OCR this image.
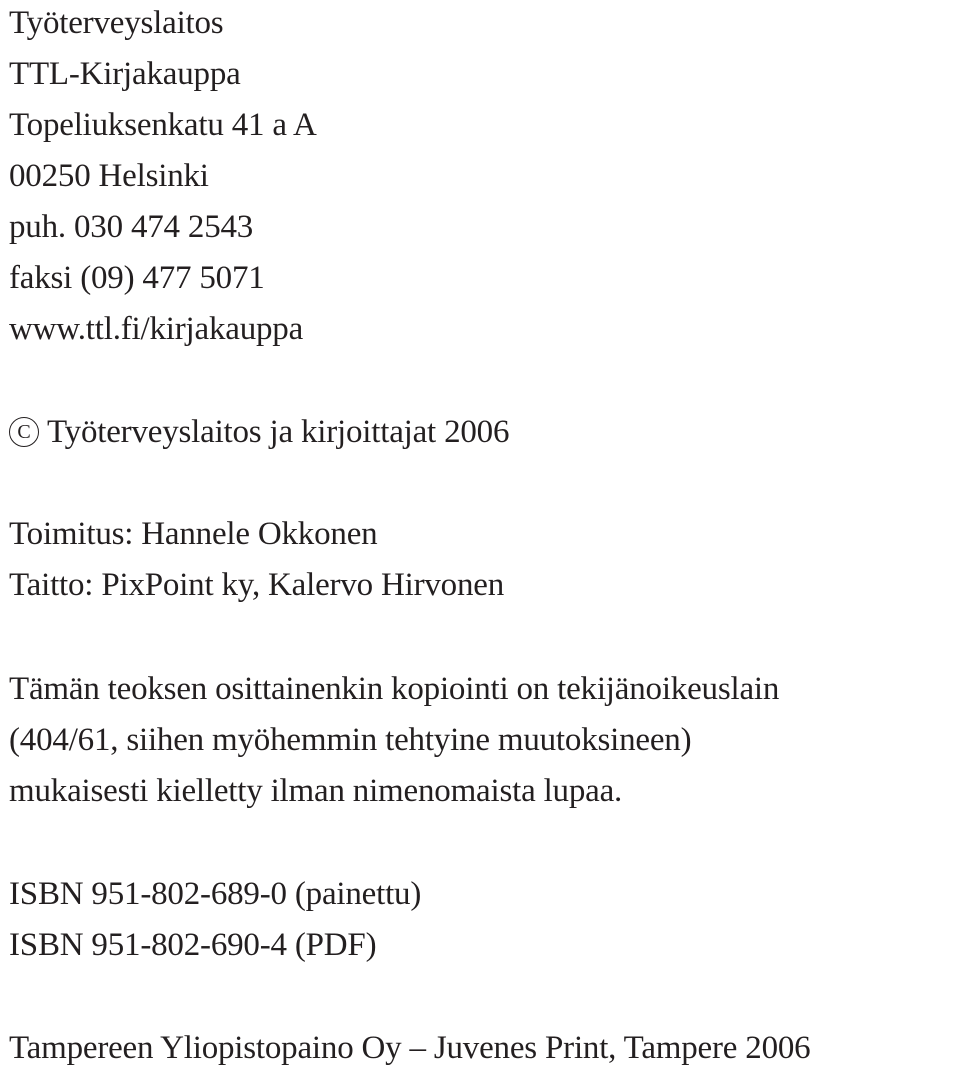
Työterveyslaitos
TTL-Kirjakauppa
Topeliuksenkatu 41 a A
00250 Helsinki
puh. 030 474 2543
faksi (09) 477 5071
www.ttl.fi/kirjakauppa
C Työterveyslaitos ja kirjoittajat 2006
Toimitus: Hannele Okkonen
Taitto: PixPoint ky, Kalervo Hirvonen
Tämän teoksen osittainenkin kopiointi on tekijänoikeuslain
(404/61, siihen myöhemmin tehtyine muutoksineen)
mukaisesti kielletty ilman nimenomaista lupaa.
ISBN 951-802-689-0 (painettu)
ISBN 951-802-690-4 (PDF)
Tampereen Yliopistopaino Oy – Juvenes Print, Tampere 2006
